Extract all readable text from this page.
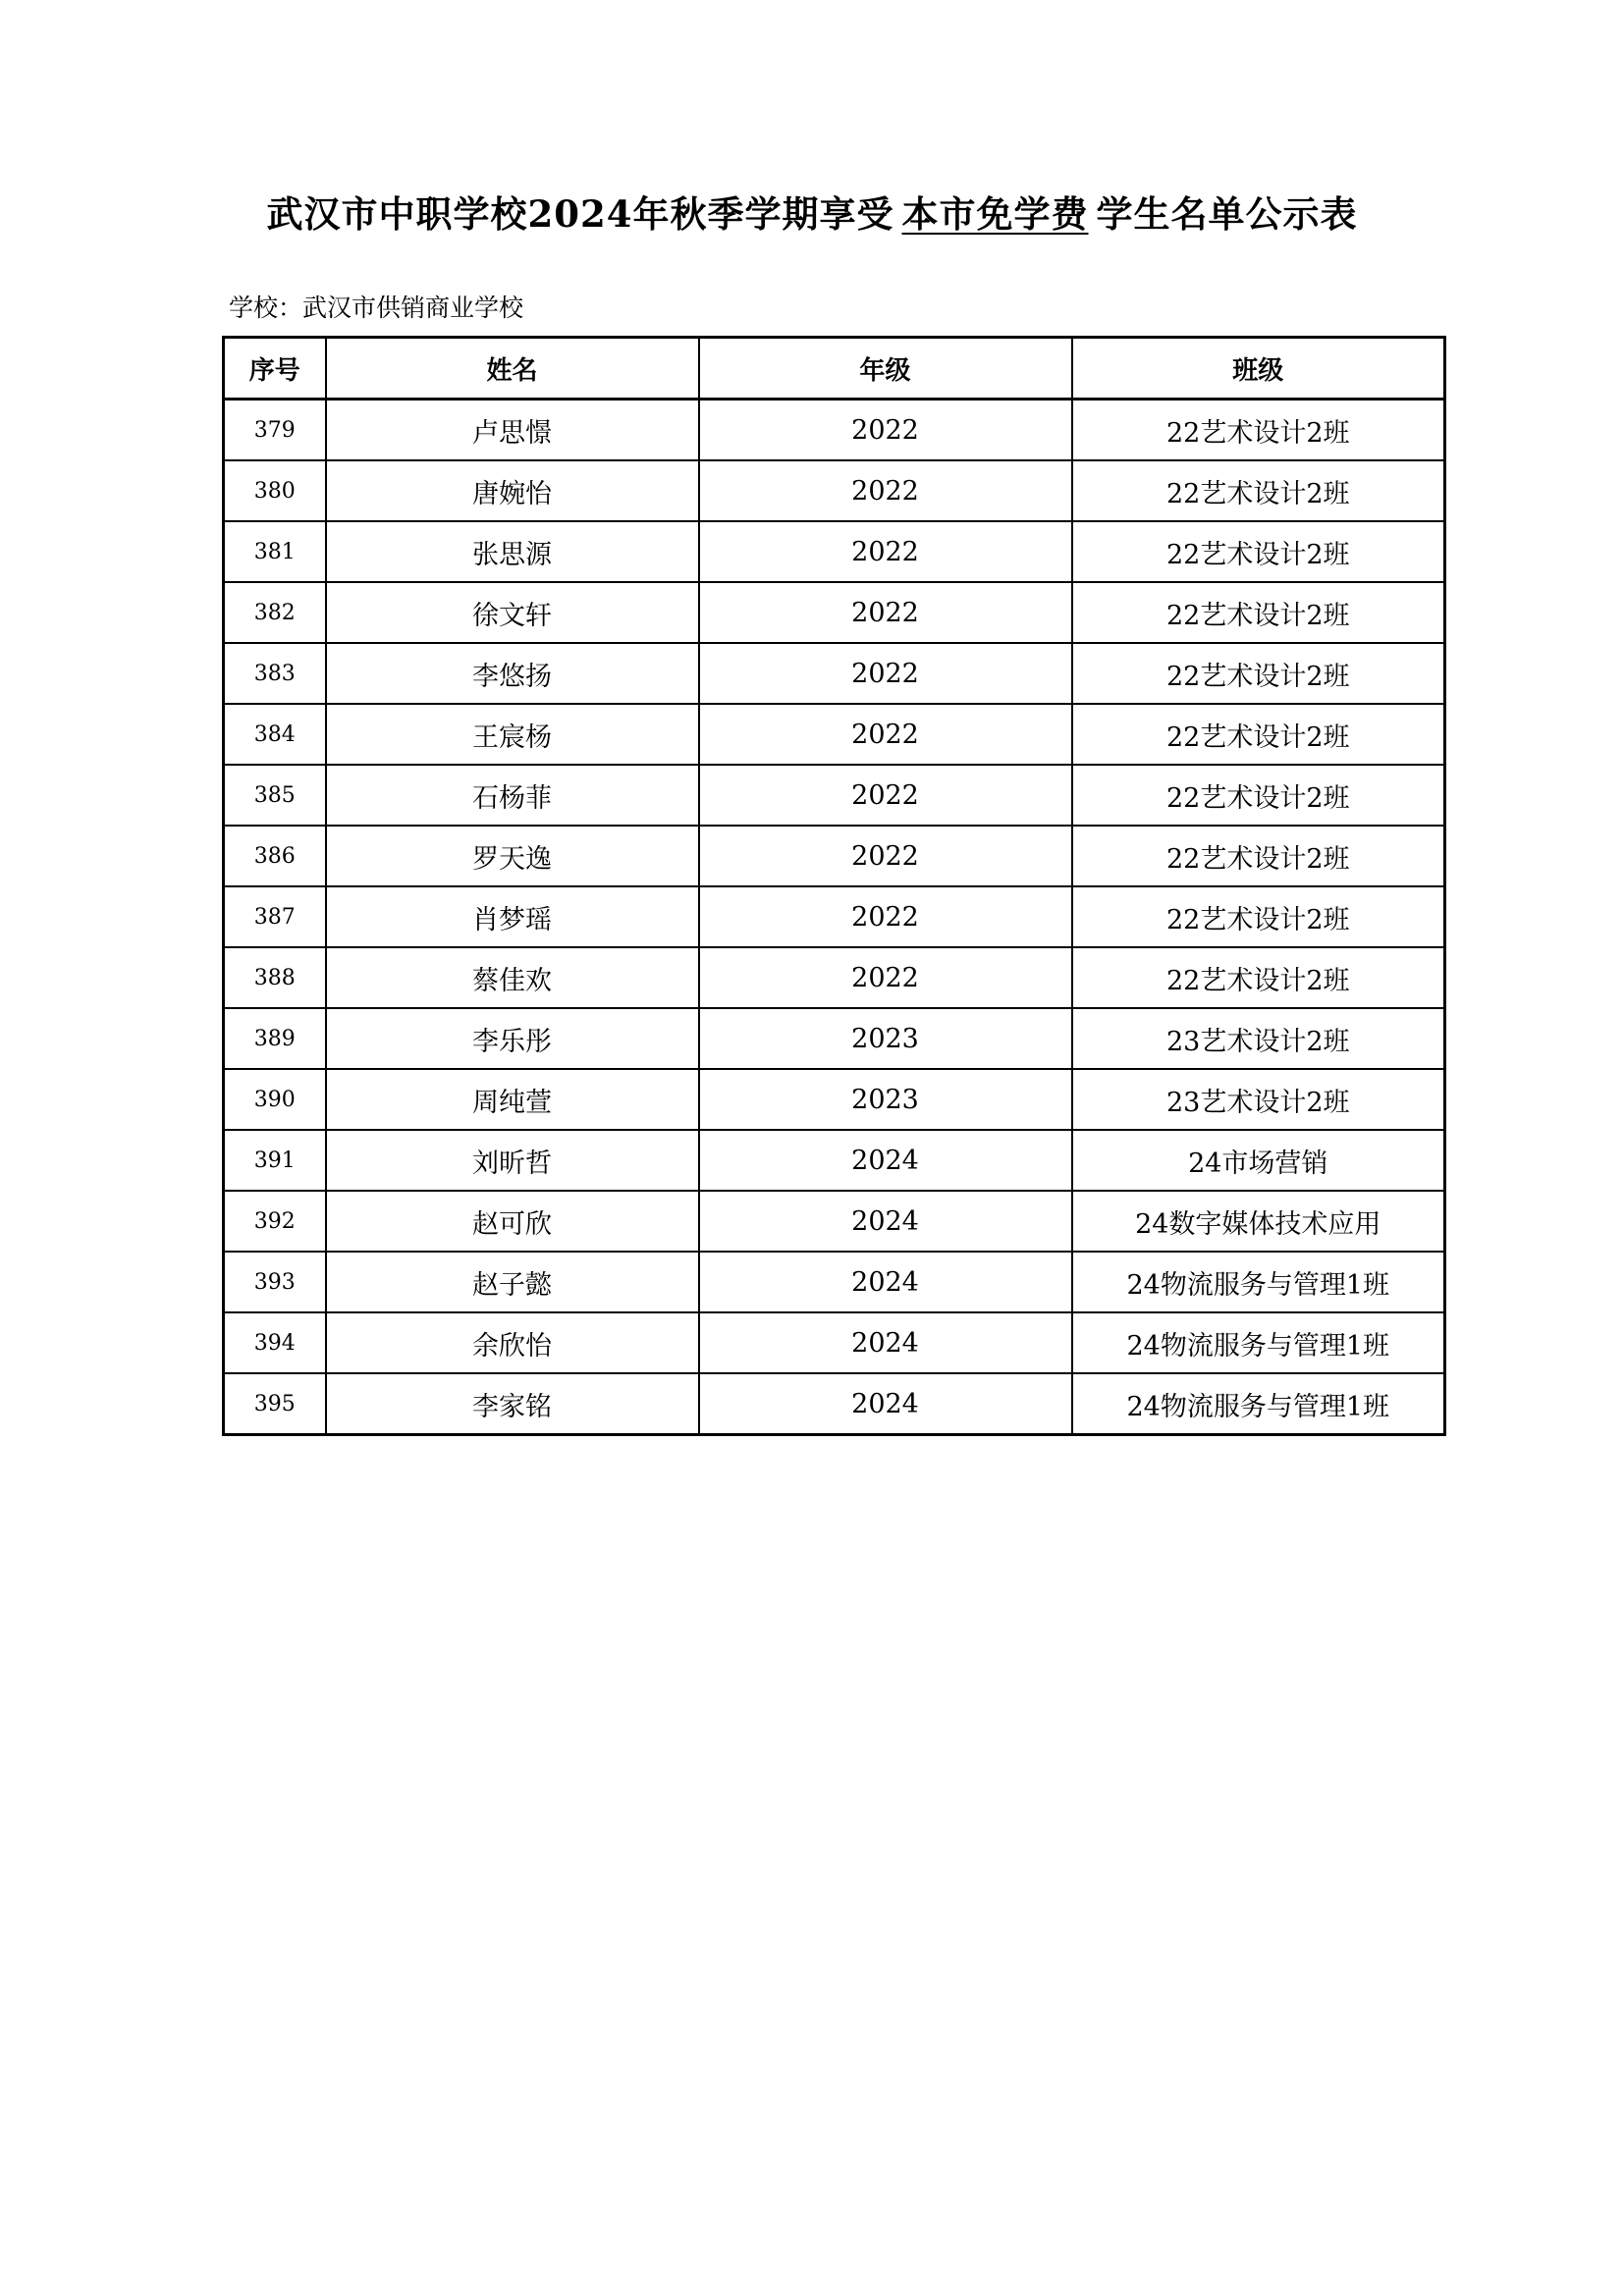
武汉市中职学校2024年秋季学期享受 本市免学费 学生名单公示表
学校：武汉市供销商业学校
序号	姓名	年级	班级
379	卢思憬	2022	22艺术设计2班
380	唐婉怡	2022	22艺术设计2班
381	张思源	2022	22艺术设计2班
382	徐文轩	2022	22艺术设计2班
383	李悠扬	2022	22艺术设计2班
384	王宸杨	2022	22艺术设计2班
385	石杨菲	2022	22艺术设计2班
386	罗天逸	2022	22艺术设计2班
387	肖梦瑶	2022	22艺术设计2班
388	蔡佳欢	2022	22艺术设计2班
389	李乐彤	2023	23艺术设计2班
390	周纯萱	2023	23艺术设计2班
391	刘昕哲	2024	24市场营销
392	赵可欣	2024	24数字媒体技术应用
393	赵子懿	2024	24物流服务与管理1班
394	余欣怡	2024	24物流服务与管理1班
395	李家铭	2024	24物流服务与管理1班
